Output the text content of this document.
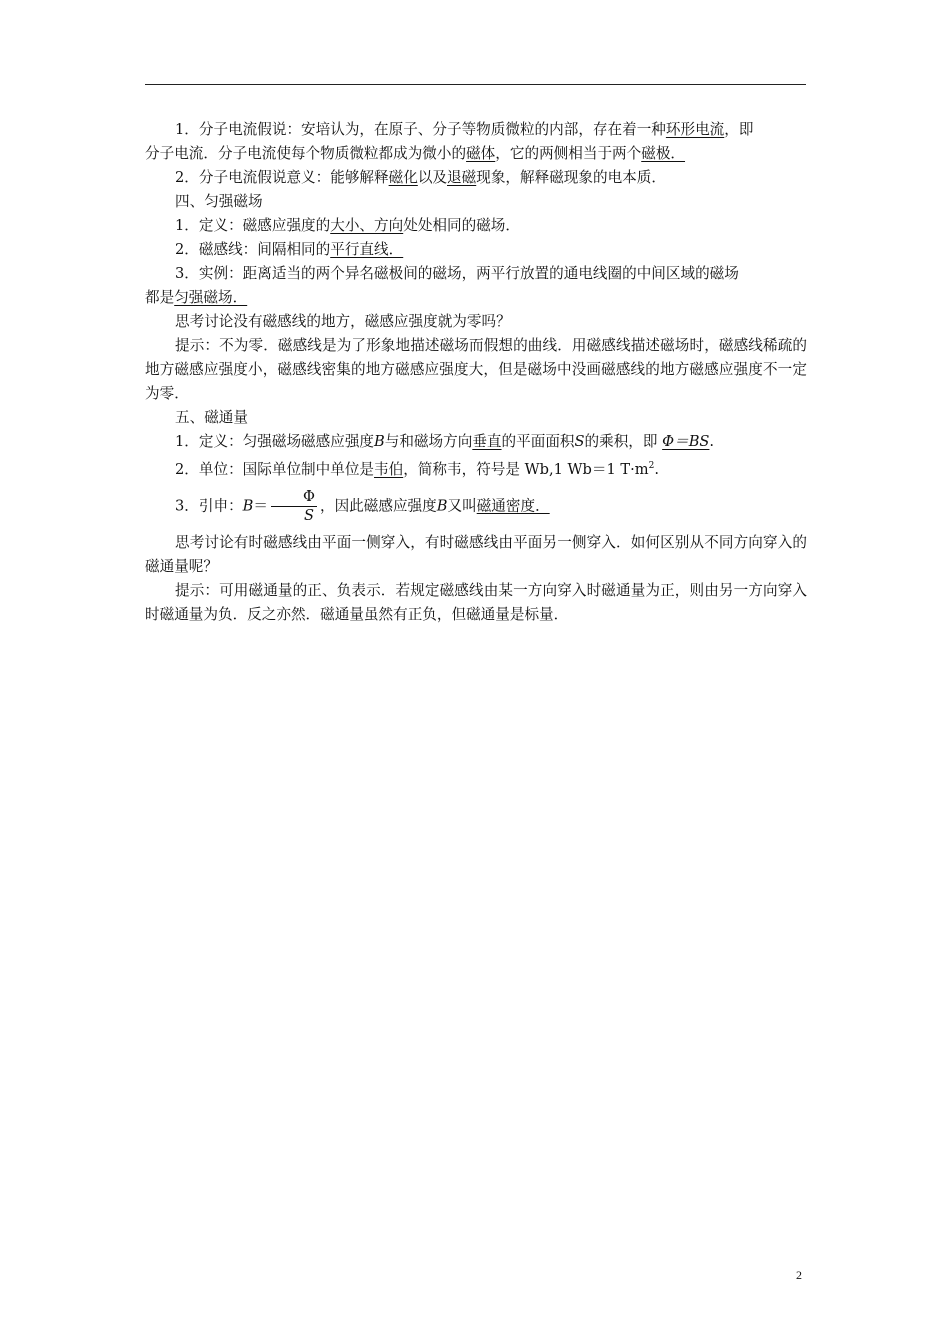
1．分子电流假说：安培认为，在原子、分子等物质微粒的内部，存在着一种环形电流，即

分子电流．分子电流使每个物质微粒都成为微小的磁体，它的两侧相当于两个磁极．

2．分子电流假说意义：能够解释磁化以及退磁现象，解释磁现象的电本质．

四、匀强磁场

1．定义：磁感应强度的大小、方向处处相同的磁场．

2．磁感线：间隔相同的平行直线．

3．实例：距离适当的两个异名磁极间的磁场，两平行放置的通电线圈的中间区域的磁场

都是匀强磁场．

思考讨论没有磁感线的地方，磁感应强度就为零吗？

提示：不为零．磁感线是为了形象地描述磁场而假想的曲线．用磁感线描述磁场时，磁感线稀疏的地方磁感应强度小，磁感线密集的地方磁感应强度大，但是磁场中没画磁感线的地方磁感应强度不一定为零．

五、磁通量

1．定义：匀强磁场磁感应强度B与和磁场方向垂直的平面面积S的乘积，即 Φ＝BS.

2．单位：国际单位制中单位是韦伯，简称韦，符号是 Wb,1 Wb＝1 $T\cdot m^2$.

3．引申：$B= \frac{\Phi}{S}$ ，因此磁感应强度B又叫磁通密度．

思考讨论有时磁感线由平面一侧穿入，有时磁感线由平面另一侧穿入．如何区别从不同方向穿入的磁通量呢？

提示：可用磁通量的正、负表示．若规定磁感线由某一方向穿入时磁通量为正，则由另一方向穿入时磁通量为负．反之亦然．磁通量虽然有正负，但磁通量是标量．

2
